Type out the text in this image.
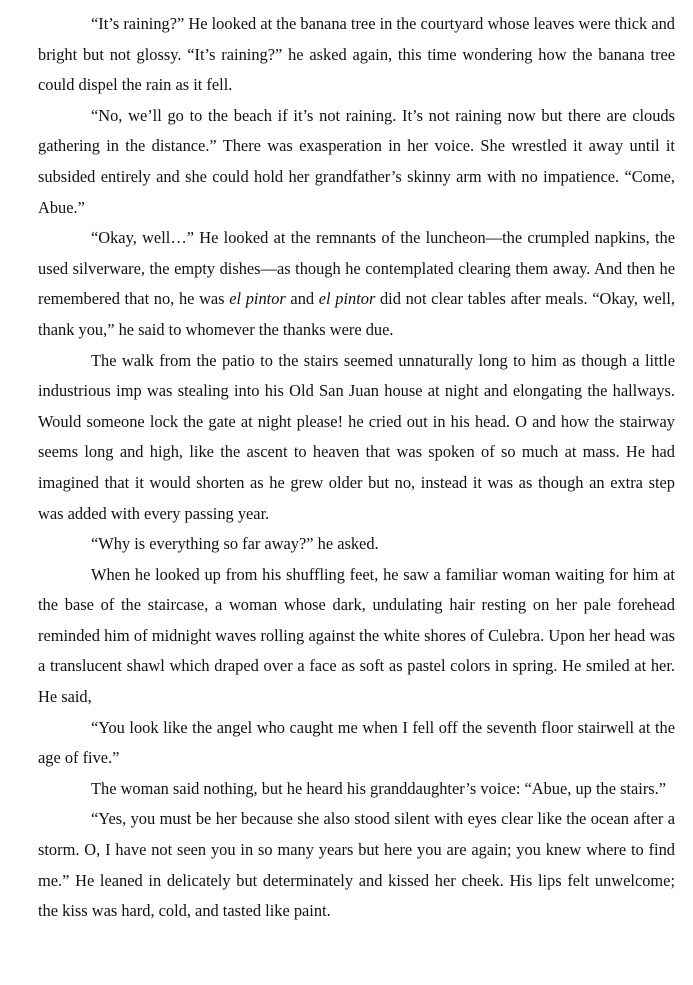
“It’s raining?” He looked at the banana tree in the courtyard whose leaves were thick and bright but not glossy. “It’s raining?” he asked again, this time wondering how the banana tree could dispel the rain as it fell.

“No, we’ll go to the beach if it’s not raining. It’s not raining now but there are clouds gathering in the distance.” There was exasperation in her voice. She wrestled it away until it subsided entirely and she could hold her grandfather’s skinny arm with no impatience. “Come, Abue.”

“Okay, well…” He looked at the remnants of the luncheon—the crumpled napkins, the used silverware, the empty dishes—as though he contemplated clearing them away. And then he remembered that no, he was el pintor and el pintor did not clear tables after meals. “Okay, well, thank you,” he said to whomever the thanks were due.

The walk from the patio to the stairs seemed unnaturally long to him as though a little industrious imp was stealing into his Old San Juan house at night and elongating the hallways. Would someone lock the gate at night please! he cried out in his head. O and how the stairway seems long and high, like the ascent to heaven that was spoken of so much at mass. He had imagined that it would shorten as he grew older but no, instead it was as though an extra step was added with every passing year.

“Why is everything so far away?” he asked.

When he looked up from his shuffling feet, he saw a familiar woman waiting for him at the base of the staircase, a woman whose dark, undulating hair resting on her pale forehead reminded him of midnight waves rolling against the white shores of Culebra. Upon her head was a translucent shawl which draped over a face as soft as pastel colors in spring. He smiled at her. He said,

“You look like the angel who caught me when I fell off the seventh floor stairwell at the age of five.”

The woman said nothing, but he heard his granddaughter’s voice: “Abue, up the stairs.”

“Yes, you must be her because she also stood silent with eyes clear like the ocean after a storm. O, I have not seen you in so many years but here you are again; you knew where to find me.” He leaned in delicately but determinately and kissed her cheek. His lips felt unwelcome; the kiss was hard, cold, and tasted like paint.
